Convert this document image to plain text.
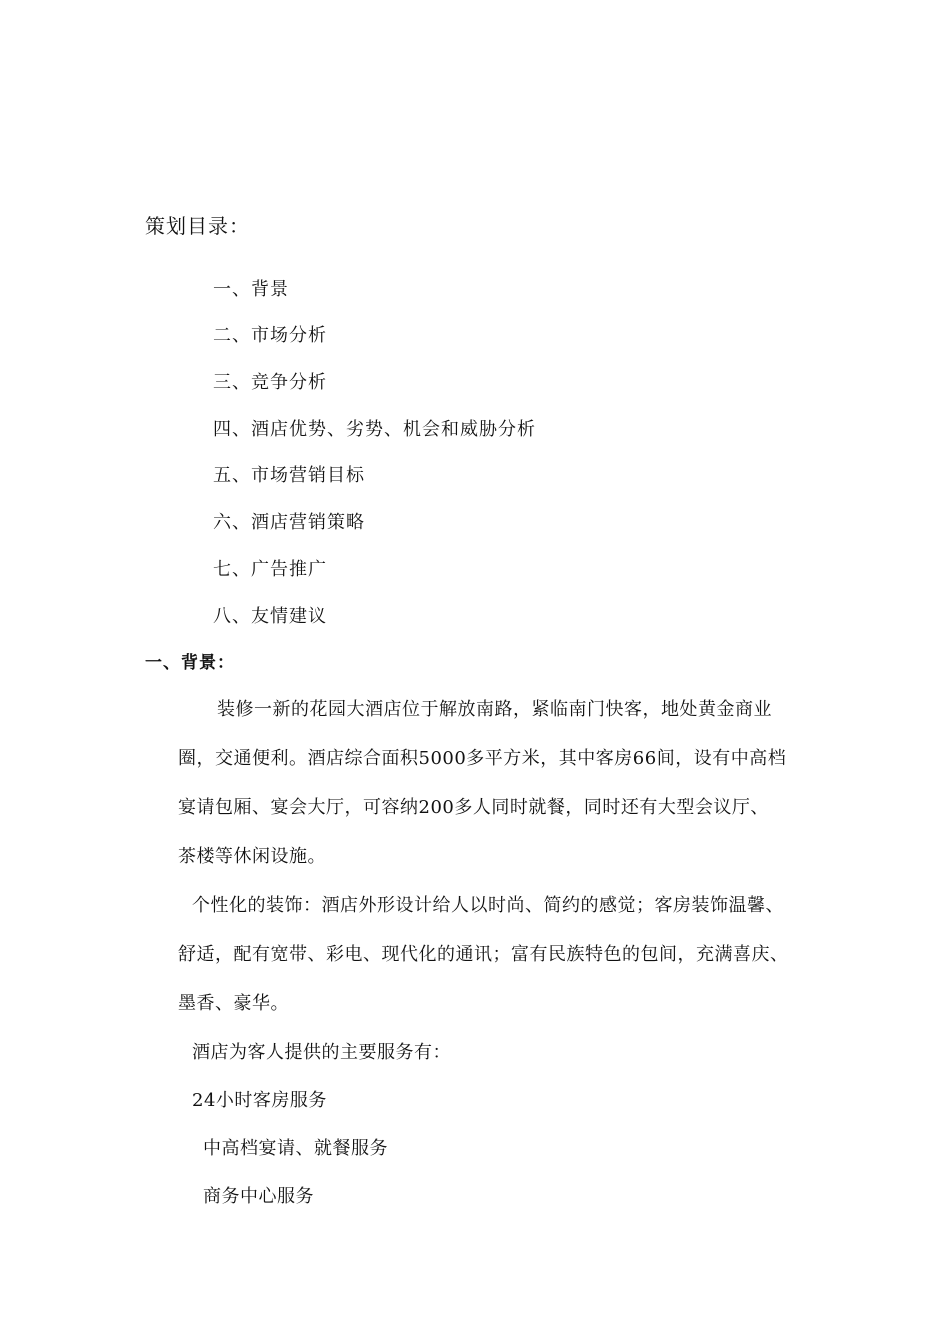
策划目录：
一、背景
二、市场分析
三、竞争分析
四、酒店优势、劣势、机会和威胁分析
五、市场营销目标
六、酒店营销策略
七、广告推广
八、友情建议
一、背景：
装修一新的花园大酒店位于解放南路，紧临南门快客，地处黄金商业
圈，交通便利。酒店综合面积5000多平方米，其中客房66间，设有中高档
宴请包厢、宴会大厅，可容纳200多人同时就餐，同时还有大型会议厅、
茶楼等休闲设施。
个性化的装饰：酒店外形设计给人以时尚、简约的感觉；客房装饰温馨、
舒适，配有宽带、彩电、现代化的通讯；富有民族特色的包间，充满喜庆、
墨香、豪华。
酒店为客人提供的主要服务有：
24小时客房服务
中高档宴请、就餐服务
商务中心服务
